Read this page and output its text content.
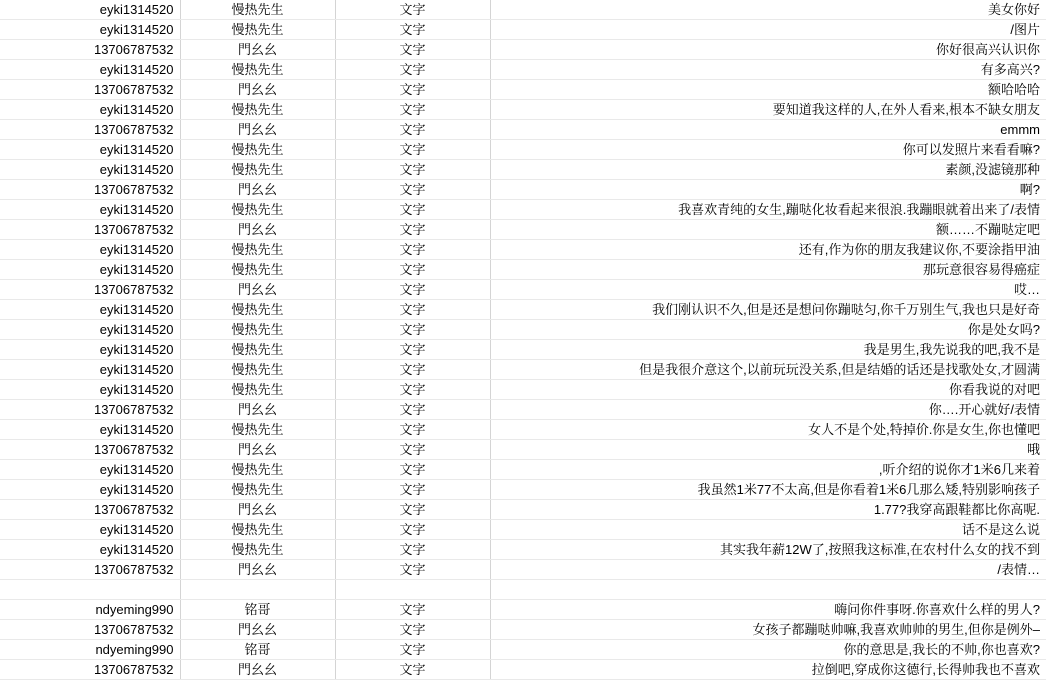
eyki1314520	慢热先生	文字	美女你好
eyki1314520	慢热先生	文字	/图片
13706787532	門幺幺	文字	你好很高兴认识你
eyki1314520	慢热先生	文字	有多高兴?
13706787532	門幺幺	文字	额哈哈哈
eyki1314520	慢热先生	文字	要知道我这样的人,在外人看来,根本不缺女朋友
13706787532	門幺幺	文字	emmm
eyki1314520	慢热先生	文字	你可以发照片来看看嘛?
eyki1314520	慢热先生	文字	素颜,没滤镜那种
13706787532	門幺幺	文字	啊?
eyki1314520	慢热先生	文字	我喜欢青纯的女生,蹦哒化妆看起来很浪.我蹦眼就着出来了/表情
13706787532	門幺幺	文字	额……不蹦哒定吧
eyki1314520	慢热先生	文字	还有,作为你的朋友我建议你,不要涂指甲油
eyki1314520	慢热先生	文字	那玩意很容易得癌症
13706787532	門幺幺	文字	哎…
eyki1314520	慢热先生	文字	我们刚认识不久,但是还是想问你蹦哒匀,你千万别生气,我也只是好奇
eyki1314520	慢热先生	文字	你是处女吗?
eyki1314520	慢热先生	文字	我是男生,我先说我的吧,我不是
eyki1314520	慢热先生	文字	但是我很介意这个,以前玩玩没关系,但是结婚的话还是找歌处女,才圆满
eyki1314520	慢热先生	文字	你看我说的对吧
13706787532	門幺幺	文字	你….开心就好/表情
eyki1314520	慢热先生	文字	女人不是个处,特掉价.你是女生,你也懂吧
13706787532	門幺幺	文字	哦
eyki1314520	慢热先生	文字	,听介绍的说你才1米6几来着
eyki1314520	慢热先生	文字	我虽然1米77不太高,但是你看着1米6几那么矮,特别影响孩子
13706787532	門幺幺	文字	1.77?我穿高跟鞋都比你高呢.
eyki1314520	慢热先生	文字	话不是这么说
eyki1314520	慢热先生	文字	其实我年薪12W了,按照我这标准,在农村什么女的找不到
13706787532	門幺幺	文字	/表情…

ndyeming990	铭哥	文字	嗨问你件事呀.你喜欢什么样的男人?
13706787532	門幺幺	文字	女孩子都蹦哒帅嘛,我喜欢帅帅的男生,但你是例外–
ndyeming990	铭哥	文字	你的意思是,我长的不帅,你也喜欢?
13706787532	門幺幺	文字	拉倒吧,穿成你这德行,长得帅我也不喜欢
